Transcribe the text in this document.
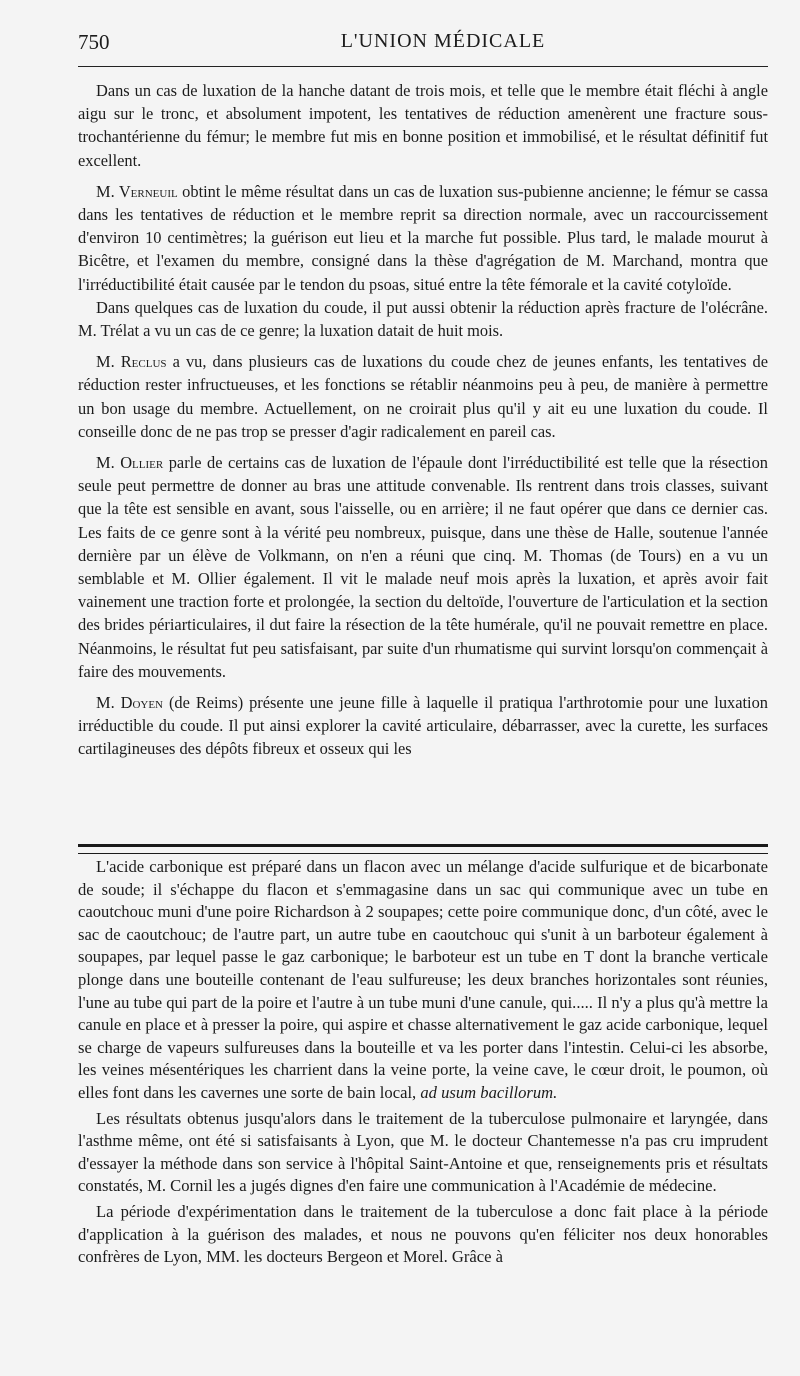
750	L'UNION MÉDICALE

Dans un cas de luxation de la hanche datant de trois mois, et telle que le membre était fléchi à angle aigu sur le tronc, et absolument impotent, les tentatives de réduction amenèrent une fracture sous-trochantérienne du fémur; le membre fut mis en bonne position et immobilisé, et le résultat définitif fut excellent.

M. Verneuil obtint le même résultat dans un cas de luxation sus-pubienne ancienne; le fémur se cassa dans les tentatives de réduction et le membre reprit sa direction normale, avec un raccourcissement d'environ 10 centimètres; la guérison eut lieu et la marche fut possible. Plus tard, le malade mourut à Bicêtre, et l'examen du membre, consigné dans la thèse d'agrégation de M. Marchand, montra que l'irréductibilité était causée par le tendon du psoas, situé entre la tête fémorale et la cavité cotyloïde.

Dans quelques cas de luxation du coude, il put aussi obtenir la réduction après fracture de l'olécrâne. M. Trélat a vu un cas de ce genre; la luxation datait de huit mois.

M. Reclus a vu, dans plusieurs cas de luxations du coude chez de jeunes enfants, les tentatives de réduction rester infructueuses, et les fonctions se rétablir néanmoins peu à peu, de manière à permettre un bon usage du membre. Actuellement, on ne croirait plus qu'il y ait eu une luxation du coude. Il conseille donc de ne pas trop se presser d'agir radicalement en pareil cas.

M. Ollier parle de certains cas de luxation de l'épaule dont l'irréductibilité est telle que la résection seule peut permettre de donner au bras une attitude convenable. Ils rentrent dans trois classes, suivant que la tête est sensible en avant, sous l'aisselle, ou en arrière; il ne faut opérer que dans ce dernier cas. Les faits de ce genre sont à la vérité peu nombreux, puisque, dans une thèse de Halle, soutenue l'année dernière par un élève de Volkmann, on n'en a réuni que cinq. M. Thomas (de Tours) en a vu un semblable et M. Ollier également. Il vit le malade neuf mois après la luxation, et après avoir fait vainement une traction forte et prolongée, la section du deltoïde, l'ouverture de l'articulation et la section des brides périarticulaires, il dut faire la résection de la tête humérale, qu'il ne pouvait remettre en place. Néanmoins, le résultat fut peu satisfaisant, par suite d'un rhumatisme qui survint lorsqu'on commençait à faire des mouvements.

M. Doyen (de Reims) présente une jeune fille à laquelle il pratiqua l'arthrotomie pour une luxation irréductible du coude. Il put ainsi explorer la cavité articulaire, débarrasser, avec la curette, les surfaces cartilagineuses des dépôts fibreux et osseux qui les

L'acide carbonique est préparé dans un flacon avec un mélange d'acide sulfurique et de bicarbonate de soude; il s'échappe du flacon et s'emmagasine dans un sac qui communique avec un tube en caoutchouc muni d'une poire Richardson à 2 soupapes; cette poire communique donc, d'un côté, avec le sac de caoutchouc; de l'autre part, un autre tube en caoutchouc qui s'unit à un barboteur également à soupapes, par lequel passe le gaz carbonique; le barboteur est un tube en T dont la branche verticale plonge dans une bouteille contenant de l'eau sulfureuse; les deux branches horizontales sont réunies, l'une au tube qui part de la poire et l'autre à un tube muni d'une canule, qui..... Il n'y a plus qu'à mettre la canule en place et à presser la poire, qui aspire et chasse alternativement le gaz acide carbonique, lequel se charge de vapeurs sulfureuses dans la bouteille et va les porter dans l'intestin. Celui-ci les absorbe, les veines mésentériques les charrient dans la veine porte, la veine cave, le cœur droit, le poumon, où elles font dans les cavernes une sorte de bain local, ad usum bacillorum.

Les résultats obtenus jusqu'alors dans le traitement de la tuberculose pulmonaire et laryngée, dans l'asthme même, ont été si satisfaisants à Lyon, que M. le docteur Chantemesse n'a pas cru imprudent d'essayer la méthode dans son service à l'hôpital Saint-Antoine et que, renseignements pris et résultats constatés, M. Cornil les a jugés dignes d'en faire une communication à l'Académie de médecine.

La période d'expérimentation dans le traitement de la tuberculose a donc fait place à la période d'application à la guérison des malades, et nous ne pouvons qu'en féliciter nos deux honorables confrères de Lyon, MM. les docteurs Bergeon et Morel. Grâce à
